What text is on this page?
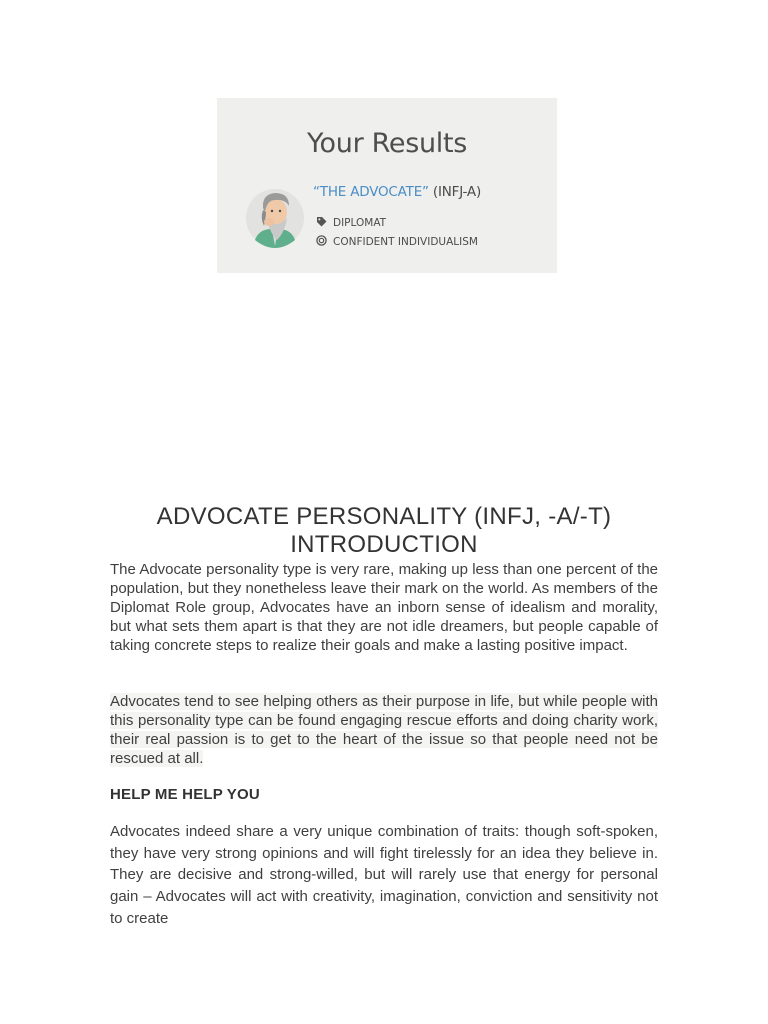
Your Results
“THE ADVOCATE” (INFJ-A)
DIPLOMAT
CONFIDENT INDIVIDUALISM
ADVOCATE PERSONALITY (INFJ, -A/-T) INTRODUCTION

The Advocate personality type is very rare, making up less than one percent of the population, but they nonetheless leave their mark on the world. As members of the Diplomat Role group, Advocates have an inborn sense of idealism and morality, but what sets them apart is that they are not idle dreamers, but people capable of taking concrete steps to realize their goals and make a lasting positive impact.

Advocates tend to see helping others as their purpose in life, but while people with this personality type can be found engaging rescue efforts and doing charity work, their real passion is to get to the heart of the issue so that people need not be rescued at all.

HELP ME HELP YOU

Advocates indeed share a very unique combination of traits: though soft-spoken, they have very strong opinions and will fight tirelessly for an idea they believe in. They are decisive and strong-willed, but will rarely use that energy for personal gain – Advocates will act with creativity, imagination, conviction and sensitivity not to create
